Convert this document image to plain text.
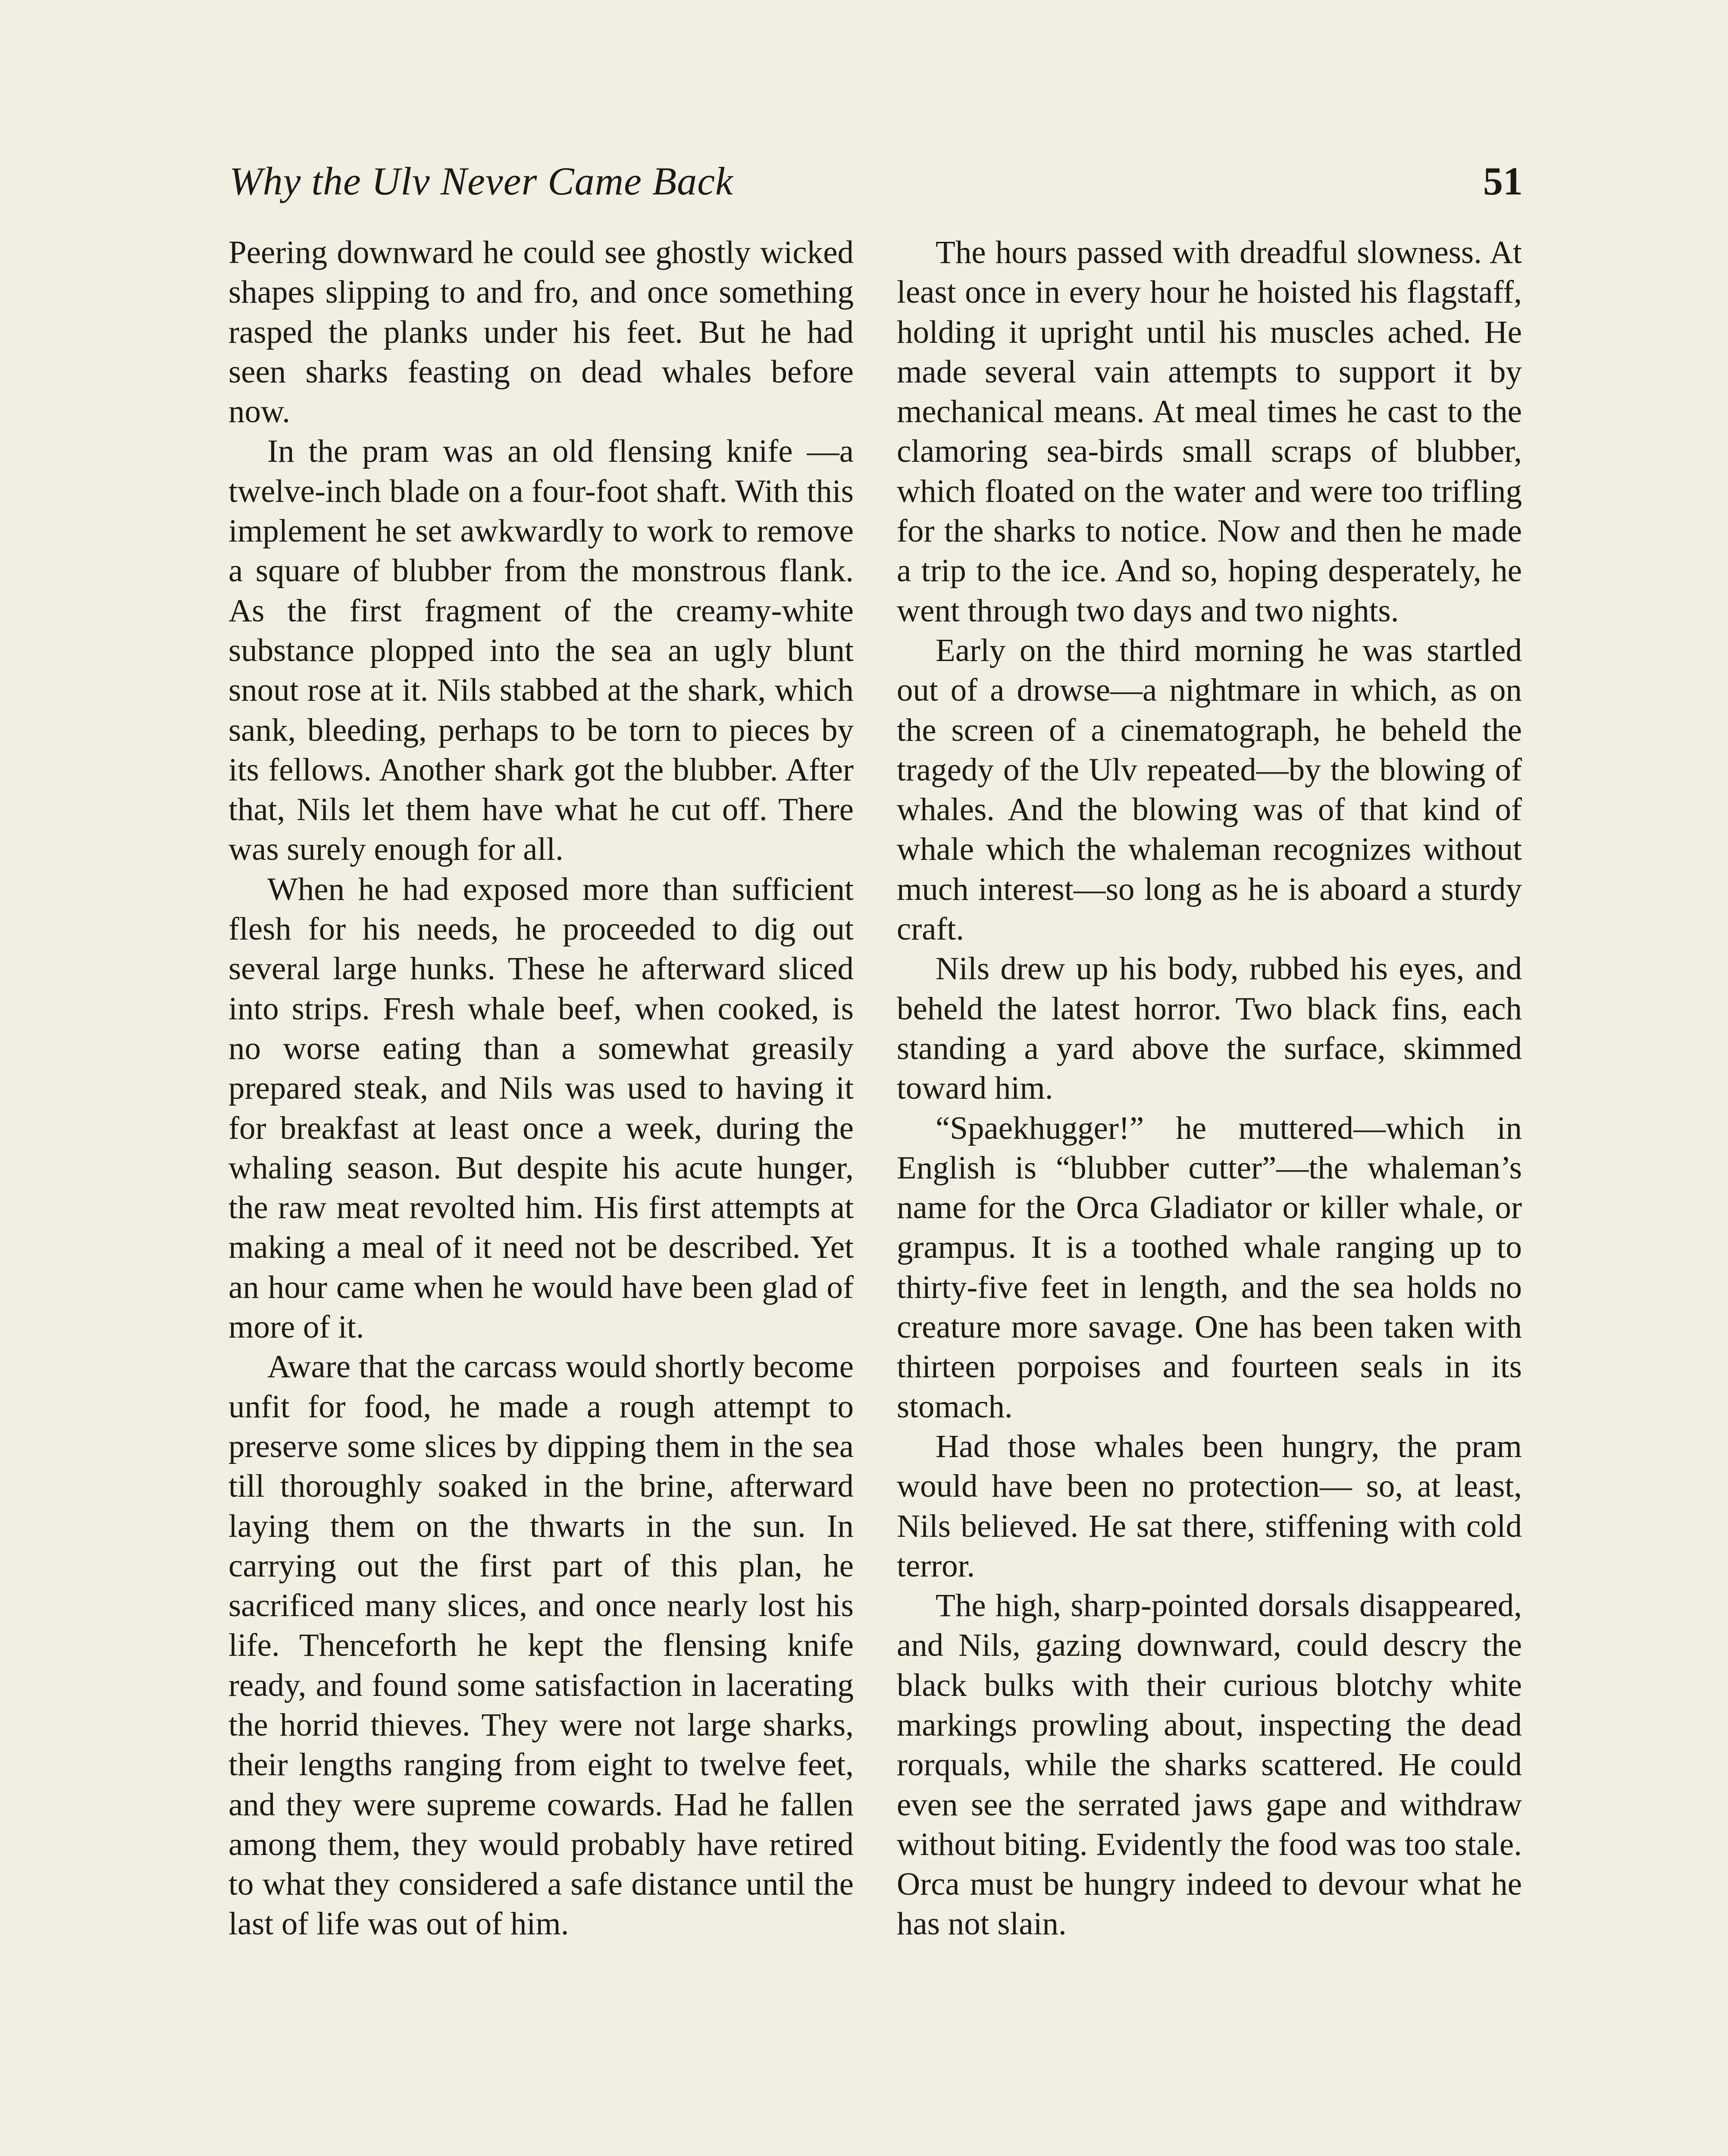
Why the Ulv Never Came Back	51

Peering downward he could see ghostly wicked shapes slipping to and fro, and once something rasped the planks under his feet. But he had seen sharks feasting on dead whales before now.

In the pram was an old flensing knife —a twelve-inch blade on a four-foot shaft. With this implement he set awkwardly to work to remove a square of blubber from the monstrous flank. As the first fragment of the creamy-white substance plopped into the sea an ugly blunt snout rose at it. Nils stabbed at the shark, which sank, bleeding, perhaps to be torn to pieces by its fellows. Another shark got the blubber. After that, Nils let them have what he cut off. There was surely enough for all.

When he had exposed more than sufficient flesh for his needs, he proceeded to dig out several large hunks. These he afterward sliced into strips. Fresh whale beef, when cooked, is no worse eating than a somewhat greasily prepared steak, and Nils was used to having it for breakfast at least once a week, during the whaling season. But despite his acute hunger, the raw meat revolted him. His first attempts at making a meal of it need not be described. Yet an hour came when he would have been glad of more of it.

Aware that the carcass would shortly become unfit for food, he made a rough attempt to preserve some slices by dipping them in the sea till thoroughly soaked in the brine, afterward laying them on the thwarts in the sun. In carrying out the first part of this plan, he sacrificed many slices, and once nearly lost his life. Thenceforth he kept the flensing knife ready, and found some satisfaction in lacerating the horrid thieves. They were not large sharks, their lengths ranging from eight to twelve feet, and they were supreme cowards. Had he fallen among them, they would probably have retired to what they considered a safe distance until the last of life was out of him.

The hours passed with dreadful slowness. At least once in every hour he hoisted his flagstaff, holding it upright until his muscles ached. He made several vain attempts to support it by mechanical means. At meal times he cast to the clamoring sea-birds small scraps of blubber, which floated on the water and were too trifling for the sharks to notice. Now and then he made a trip to the ice. And so, hoping desperately, he went through two days and two nights.

Early on the third morning he was startled out of a drowse—a nightmare in which, as on the screen of a cinematograph, he beheld the tragedy of the Ulv repeated—by the blowing of whales. And the blowing was of that kind of whale which the whaleman recognizes without much interest—so long as he is aboard a sturdy craft.

Nils drew up his body, rubbed his eyes, and beheld the latest horror. Two black fins, each standing a yard above the surface, skimmed toward him.

“Spaekhugger!” he muttered—which in English is “blubber cutter”—the whaleman’s name for the Orca Gladiator or killer whale, or grampus. It is a toothed whale ranging up to thirty-five feet in length, and the sea holds no creature more savage. One has been taken with thirteen porpoises and fourteen seals in its stomach.

Had those whales been hungry, the pram would have been no protection— so, at least, Nils believed. He sat there, stiffening with cold terror.

The high, sharp-pointed dorsals disappeared, and Nils, gazing downward, could descry the black bulks with their curious blotchy white markings prowling about, inspecting the dead rorquals, while the sharks scattered. He could even see the serrated jaws gape and withdraw without biting. Evidently the food was too stale. Orca must be hungry indeed to devour what he has not slain.
